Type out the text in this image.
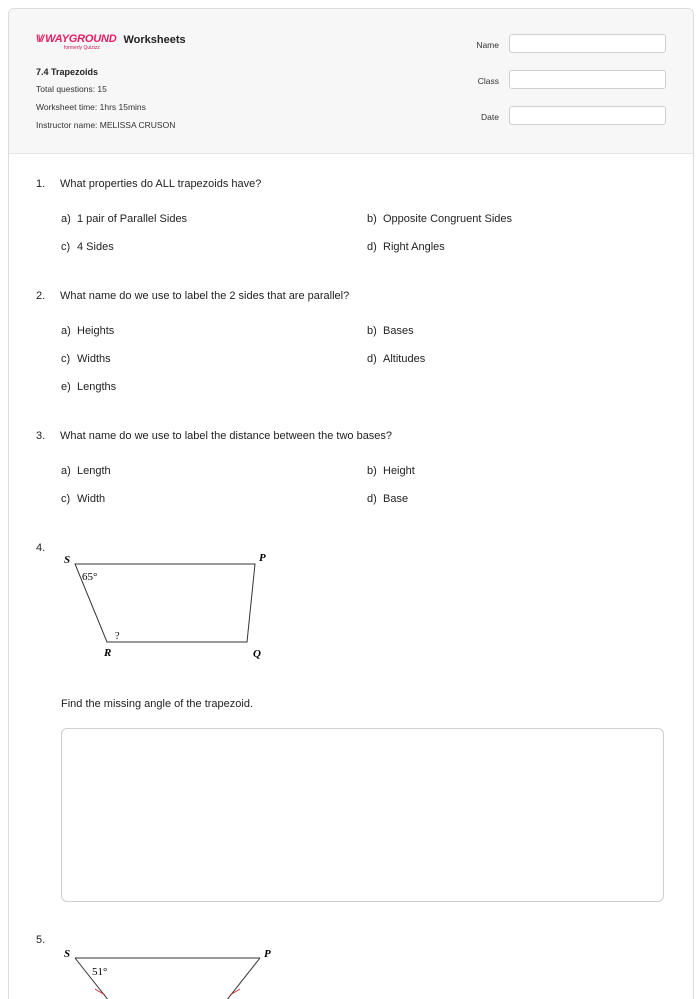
\\// WAYGROUND
formerly Quizizz
Worksheets
7.4 Trapezoids
Total questions: 15
Worksheet time: 1hrs 15mins
Instructor name: MELISSA CRUSON
Name
Class
Date
1. What properties do ALL trapezoids have?
a) 1 pair of Parallel Sides	b) Opposite Congruent Sides
c) 4 Sides	d) Right Angles
2. What name do we use to label the 2 sides that are parallel?
a) Heights	b) Bases
c) Widths	d) Altitudes
e) Lengths
3. What name do we use to label the distance between the two bases?
a) Length	b) Height
c) Width	d) Base
4.
S	P
Q
R
65°
?
Find the missing angle of the trapezoid.
5.
S	P
51°
